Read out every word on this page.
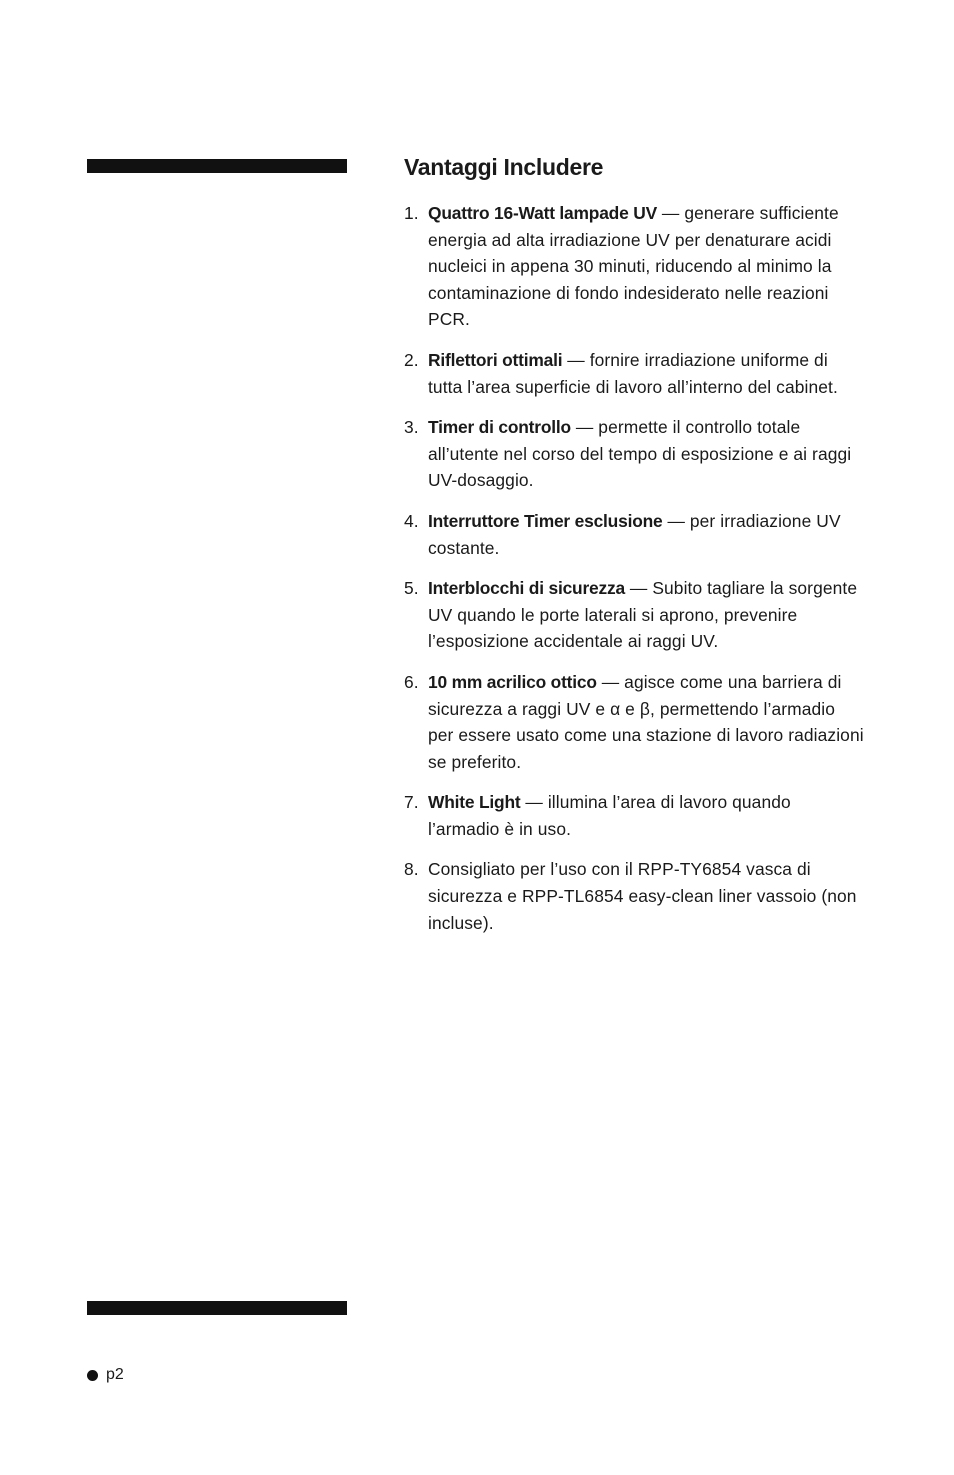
Vantaggi Includere
1. Quattro 16-Watt lampade UV — generare sufficiente energia ad alta irradiazione UV per denaturare acidi nucleici in appena 30 minuti, riducendo al minimo la contaminazione di fondo indesiderato nelle reazioni PCR.
2. Riflettori ottimali — fornire irradiazione uniforme di tutta l’area superficie di lavoro all’interno del cabinet.
3. Timer di controllo — permette il controllo totale all’utente nel corso del tempo di esposizione e ai raggi UV-dosaggio.
4. Interruttore Timer esclusione — per irradiazione UV costante.
5. Interblocchi di sicurezza — Subito tagliare la sorgente UV quando le porte laterali si aprono, prevenire l’esposizione accidentale ai raggi UV.
6. 10 mm acrilico ottico — agisce come una barriera di sicurezza a raggi UV e α e β, permettendo l’armadio per essere usato come una stazione di lavoro radiazioni se preferito.
7. White Light — illumina l’area di lavoro quando l’armadio è in uso.
8. Consigliato per l’uso con il RPP-TY6854 vasca di sicurezza e RPP-TL6854 easy-clean liner vassoio (non incluse).
p2
